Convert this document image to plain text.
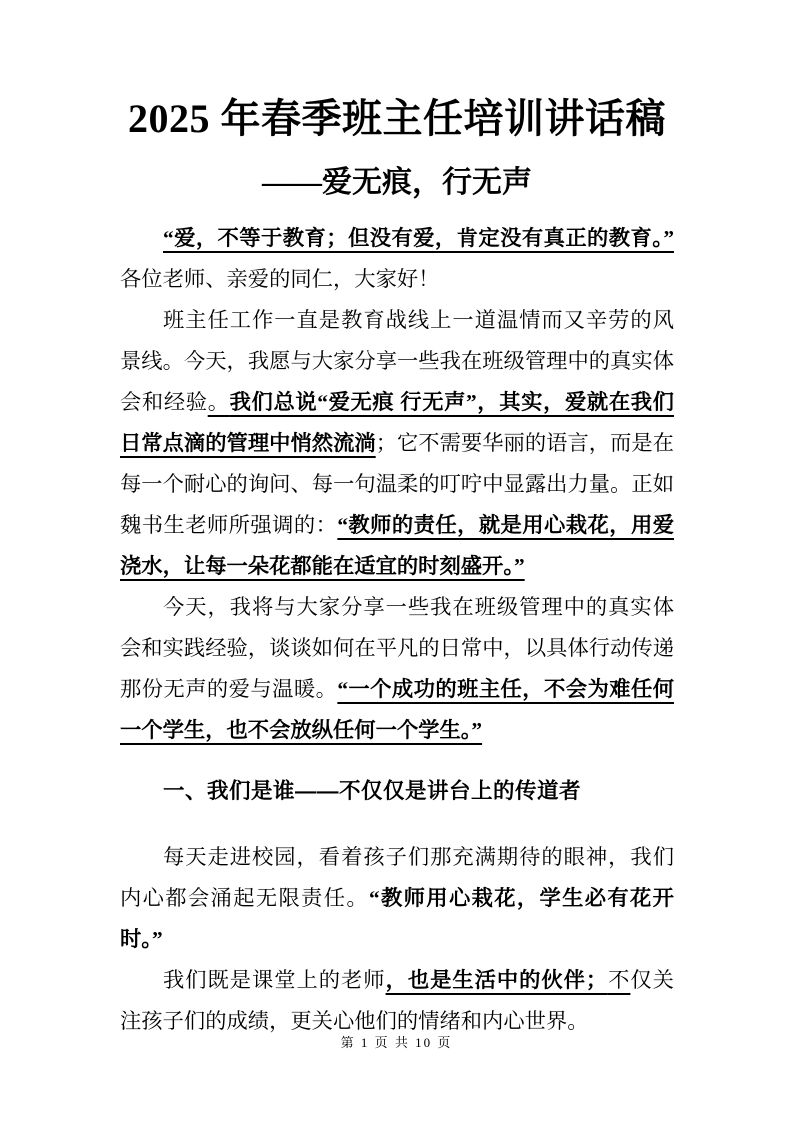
2025 年春季班主任培训讲话稿
——爱无痕，行无声

“爱，不等于教育；但没有爱，肯定没有真正的教育。”各位老师、亲爱的同仁，大家好！

班主任工作一直是教育战线上一道温情而又辛劳的风景线。今天，我愿与大家分享一些我在班级管理中的真实体会和经验。我们总说“爱无痕 行无声”，其实，爱就在我们日常点滴的管理中悄然流淌；它不需要华丽的语言，而是在每一个耐心的询问、每一句温柔的叮咛中显露出力量。正如魏书生老师所强调的：“教师的责任，就是用心栽花，用爱浇水，让每一朵花都能在适宜的时刻盛开。”

今天，我将与大家分享一些我在班级管理中的真实体会和实践经验，谈谈如何在平凡的日常中，以具体行动传递那份无声的爱与温暖。“一个成功的班主任，不会为难任何一个学生，也不会放纵任何一个学生。”

一、我们是谁——不仅仅是讲台上的传道者

每天走进校园，看着孩子们那充满期待的眼神，我们内心都会涌起无限责任。“教师用心栽花，学生必有花开时。”

我们既是课堂上的老师，也是生活中的伙伴；不仅关注孩子们的成绩，更关心他们的情绪和内心世界。

第 1 页 共 10 页
